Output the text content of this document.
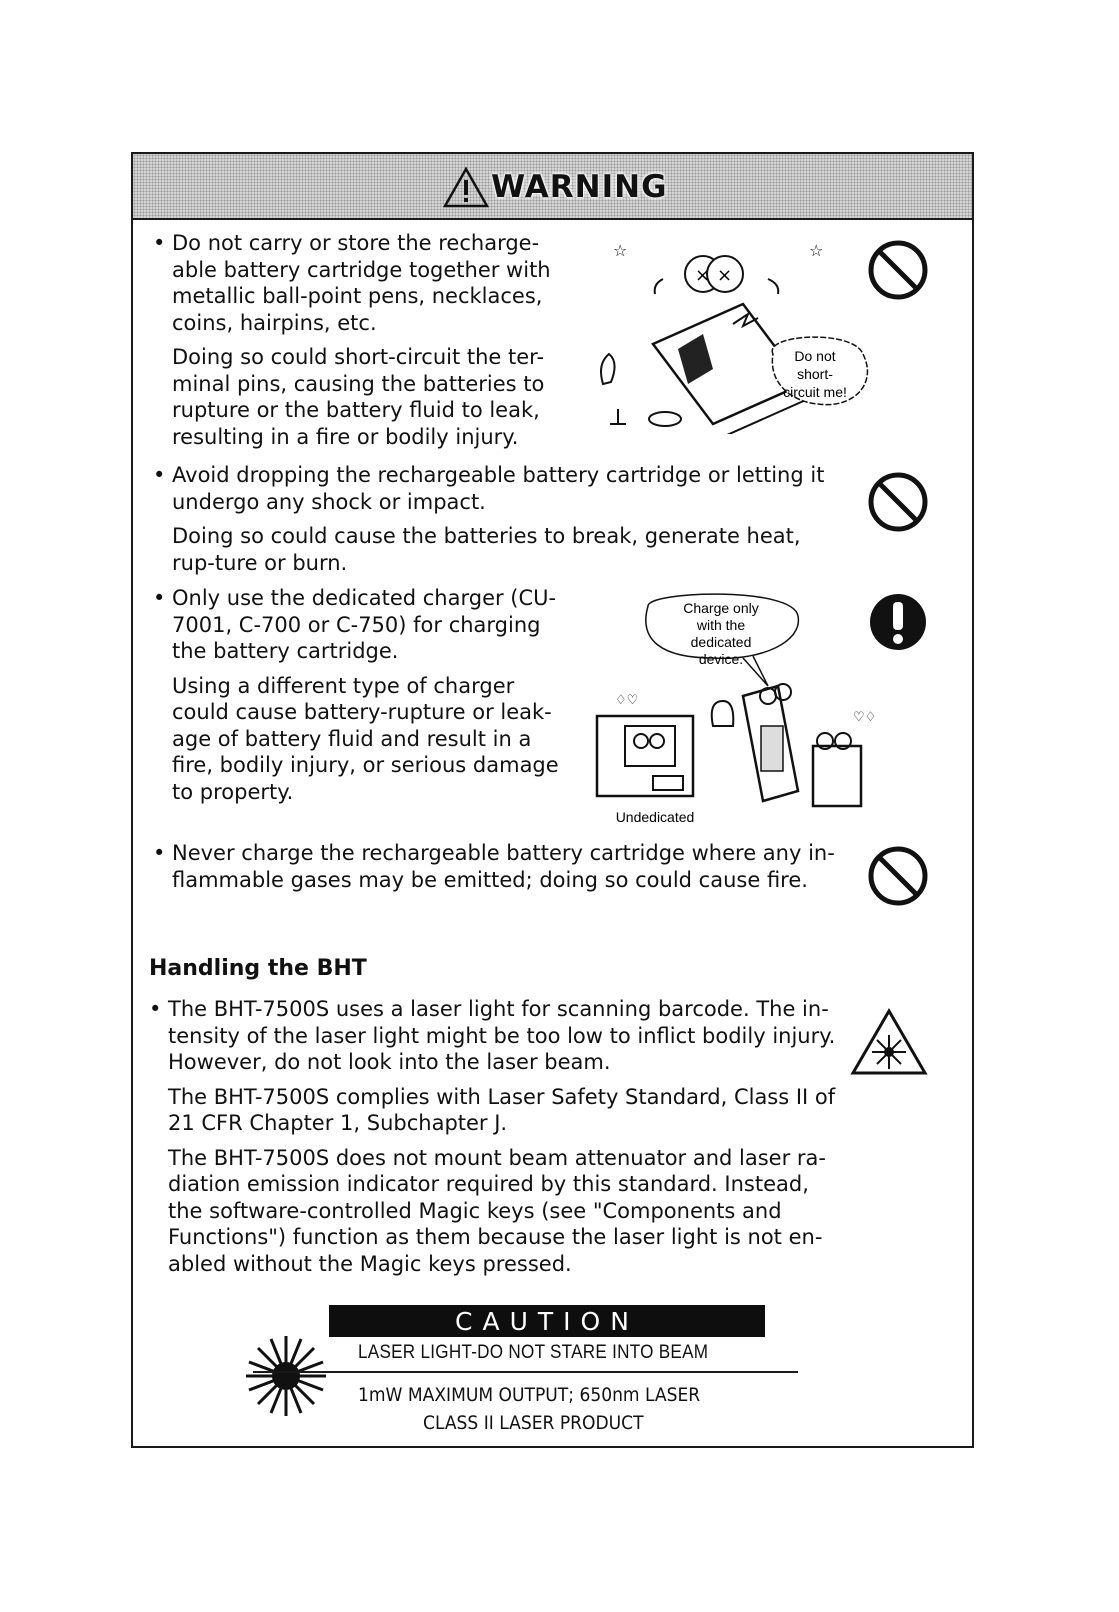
WARNING
• Do not carry or store the recharge-able battery cartridge together with metallic ball-point pens, necklaces, coins, hairpins, etc.
Doing so could short-circuit the ter-minal pins, causing the batteries to rupture or the battery fluid to leak, resulting in a fire or bodily injury.
☆	☆
× ×
Do not
short-
circuit me!
• Avoid dropping the rechargeable battery cartridge or letting it undergo any shock or impact.
Doing so could cause the batteries to break, generate heat, rup-ture or burn.
• Only use the dedicated charger (CU-7001, C-700 or C-750) for charging the battery cartridge.
Using a different type of charger could cause battery-rupture or leak-age of battery fluid and result in a fire, bodily injury, or serious damage to property.
Charge only
with the
dedicated
device.
♡♢
♢♡
Undedicated
• Never charge the rechargeable battery cartridge where any in-flammable gases may be emitted; doing so could cause fire.
Handling the BHT
• The BHT-7500S uses a laser light for scanning barcode. The in-tensity of the laser light might be too low to inflict bodily injury. However, do not look into the laser beam.
The BHT-7500S complies with Laser Safety Standard, Class II of 21 CFR Chapter 1, Subchapter J.
The BHT-7500S does not mount beam attenuator and laser ra-diation emission indicator required by this standard. Instead, the software-controlled Magic keys (see "Components and Functions") function as them because the laser light is not en-abled without the Magic keys pressed.
CAUTION
LASER LIGHT-DO NOT STARE INTO BEAM
1mW MAXIMUM OUTPUT; 650nm LASER
CLASS II LASER PRODUCT
